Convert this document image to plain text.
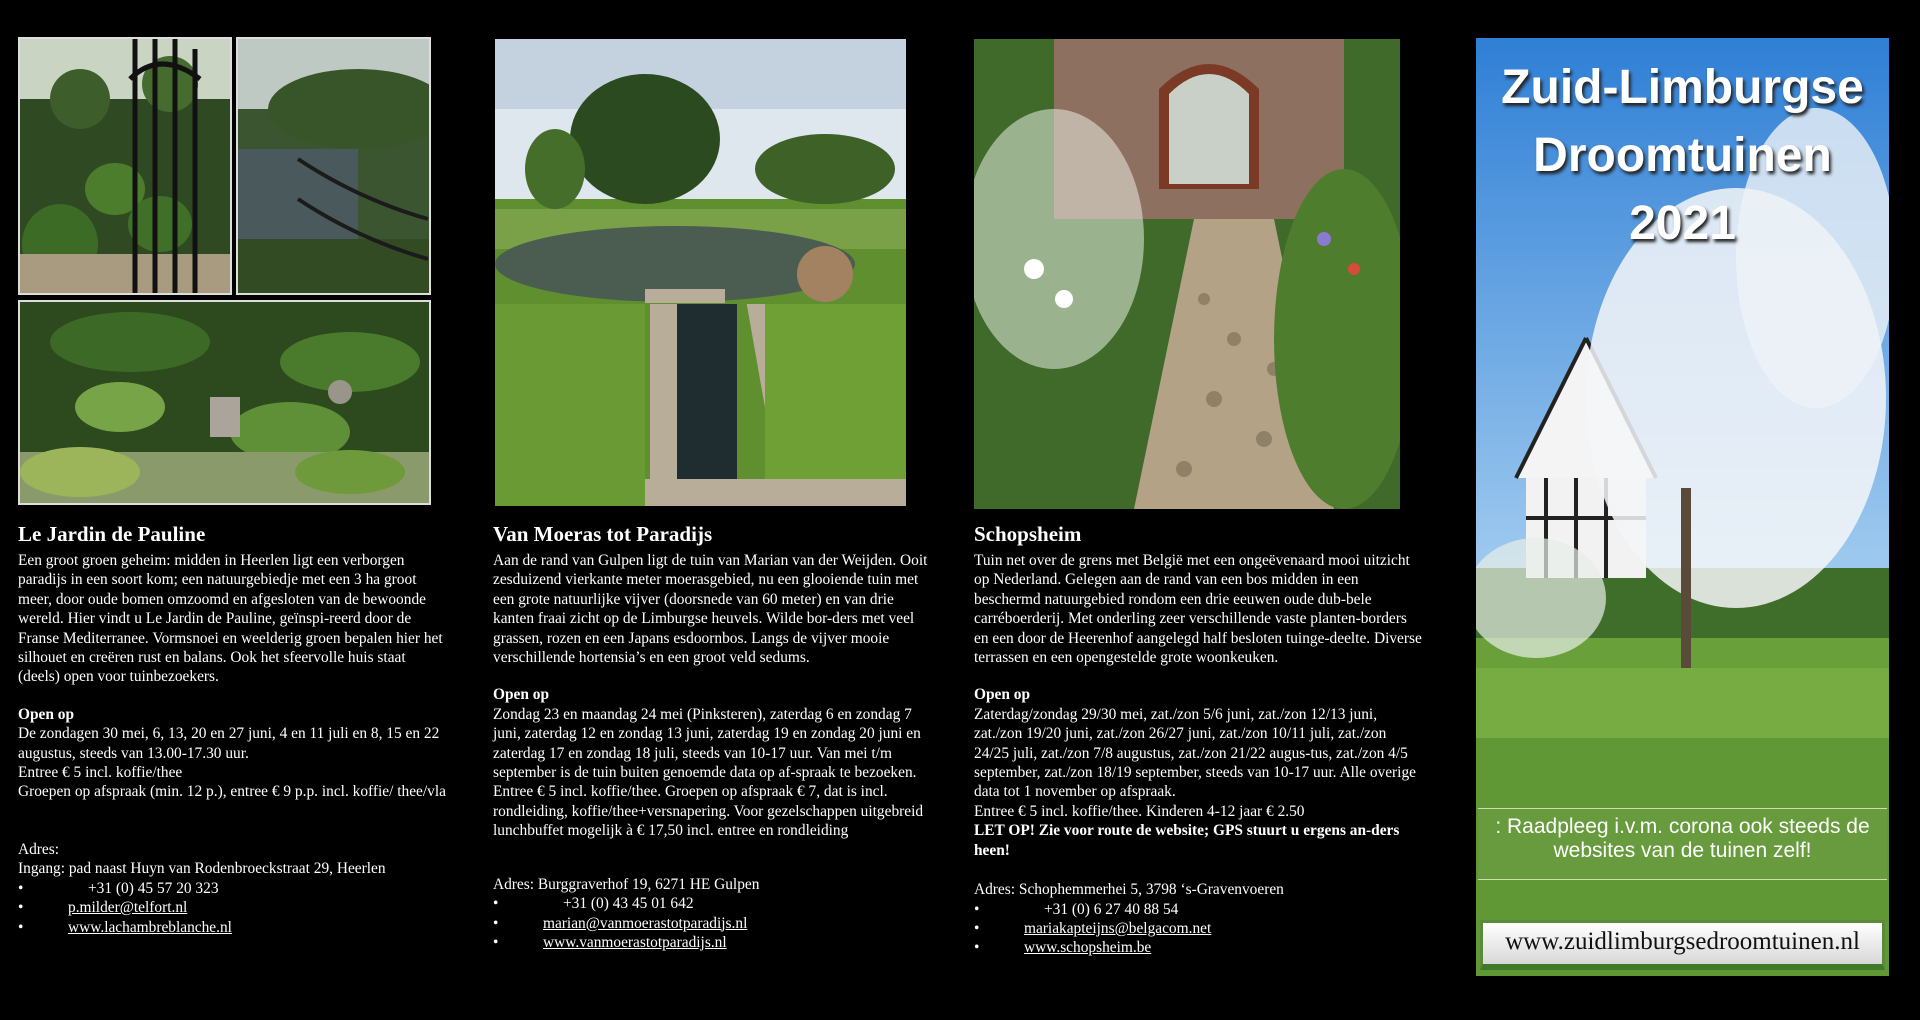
Le Jardin de Pauline

Een groot groen geheim: midden in Heerlen ligt een verborgen paradijs in een soort kom; een natuurgebiedje met een 3 ha groot meer, door oude bomen omzoomd en afgesloten van de bewoonde wereld. Hier vindt u Le Jardin de Pauline, geïnspi-reerd door de Franse Mediterranee. Vormsnoei en weelderig groen bepalen hier het silhouet en creëren rust en balans. Ook het sfeervolle huis staat (deels) open voor tuinbezoekers.

Open op

De zondagen 30 mei, 6, 13, 20 en 27 juni, 4 en 11 juli en 8, 15 en 22 augustus, steeds van 13.00-17.30 uur.

Entree € 5 incl. koffie/thee

Groepen op afspraak (min. 12 p.), entree € 9 p.p. incl. koffie/ thee/vla

Adres:

Ingang: pad naast Huyn van Rodenbroeckstraat 29, Heerlen

•	+31 (0) 45 57 20 323
•	p.milder@telfort.nl
•	www.lachambreblanche.nl
Van Moeras tot Paradijs

Aan de rand van Gulpen ligt de tuin van Marian van der Weijden. Ooit zesduizend vierkante meter moerasgebied, nu een glooiende tuin met een grote natuurlijke vijver (doorsnede van 60 meter) en van drie kanten fraai zicht op de Limburgse heuvels. Wilde bor-ders met veel grassen, rozen en een Japans esdoornbos. Langs de vijver mooie verschillende hortensia’s en een groot veld sedums.

Open op

Zondag 23 en maandag 24 mei (Pinksteren), zaterdag 6 en zondag 7 juni, zaterdag 12 en zondag 13 juni, zaterdag 19 en zondag 20 juni en zaterdag 17 en zondag 18 juli, steeds van 10-17 uur. Van mei t/m september is de tuin buiten genoemde data op af-spraak te bezoeken. Entree € 5 incl. koffie/thee. Groepen op afspraak € 7, dat is incl. rondleiding, koffie/thee+versnapering. Voor gezelschappen uitgebreid lunchbuffet mogelijk à € 17,50 incl. entree en rondleiding

Adres: Burggraverhof 19, 6271 HE Gulpen

•	+31 (0) 43 45 01 642
•	marian@vanmoerastotparadijs.nl
•	www.vanmoerastotparadijs.nl
Schopsheim

Tuin net over de grens met België met een ongeëvenaard mooi uitzicht op Nederland. Gelegen aan de rand van een bos midden in een beschermd natuurgebied rondom een drie eeuwen oude dub-bele carréboerderij. Met onderling zeer verschillende vaste planten-borders en een door de Heerenhof aangelegd half besloten tuinge-deelte. Diverse terrassen en een opengestelde grote woonkeuken.

Open op

Zaterdag/zondag 29/30 mei, zat./zon 5/6 juni, zat./zon 12/13 juni, zat./zon 19/20 juni, zat./zon 26/27 juni, zat./zon 10/11 juli, zat./zon 24/25 juli, zat./zon 7/8 augustus, zat./zon 21/22 augus-tus, zat./zon 4/5 september, zat./zon 18/19 september, steeds van 10-17 uur. Alle overige data tot 1 november op afspraak.

Entree € 5 incl. koffie/thee. Kinderen 4-12 jaar € 2.50

LET OP! Zie voor route de website; GPS stuurt u ergens an-ders heen!

Adres: Schophemmerhei 5, 3798 ‘s-Gravenvoeren

•	+31 (0) 6 27 40 88 54
•	mariakapteijns@belgacom.net
•	www.schopsheim.be
Zuid-Limburgse
Droomtuinen
2021
: Raadpleeg i.v.m. corona ook steeds de websites van de tuinen zelf!
www.zuidlimburgsedroomtuinen.nl
